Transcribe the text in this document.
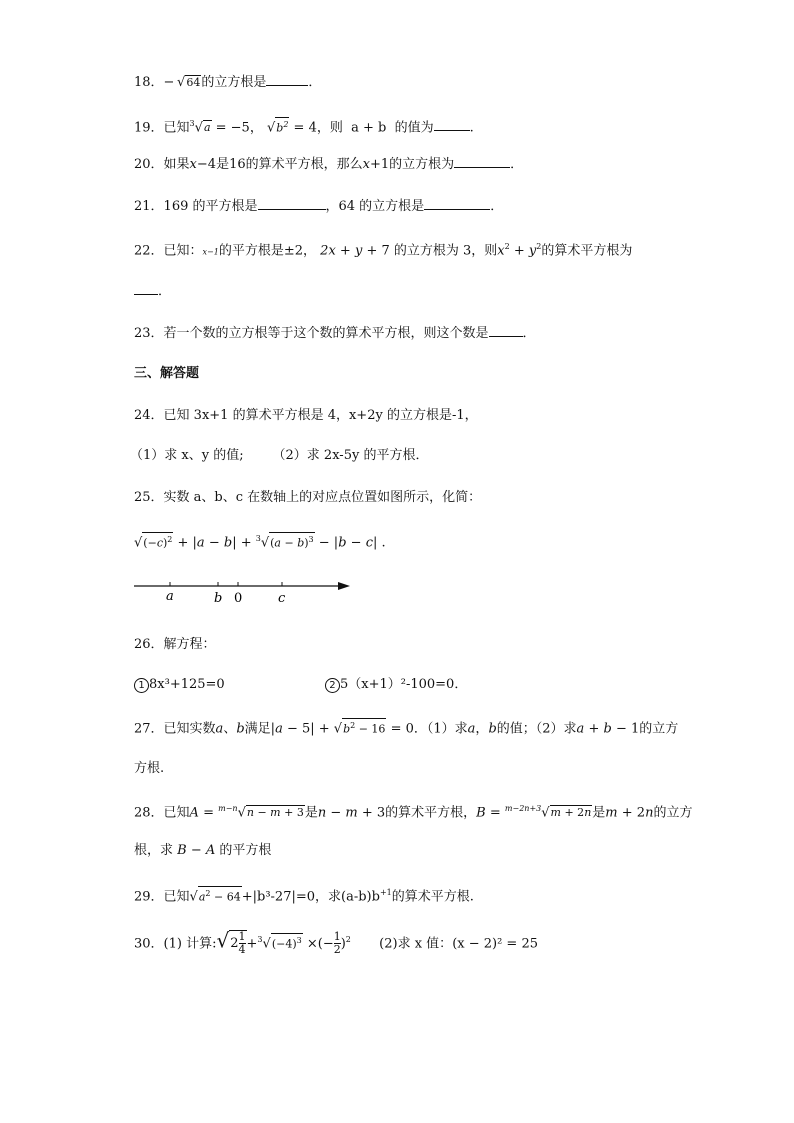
18．− √64的立方根是	．
19．已知$^3$√a = −5， $√b^2 = 4$，则 a + b 的值为	.
20．如果x−4是16的算术平方根，那么x+1的立方根为	．
21．169 的平方根是	，64 的立方根是	．
22．已知：x−1的平方根是±2， 2x + y + 7 的立方根为 3，则$x^2 + y^2$的算术平方根为
．
23．若一个数的立方根等于这个数的算术平方根，则这个数是	．
三、解答题
24．已知 3x+1 的算术平方根是 4，x+2y 的立方根是-1，
（1）求 x、y 的值; （2）求 2x-5y 的平方根．
25．实数 a、b、c 在数轴上的对应点位置如图所示，化简：
$√(-c)^2 + |a - b| + ^3√(a - b)^3 - |b - c|$ .
a	b 0	c
26．解方程：
1 8x³+125=0	2 5（x+1）²-100=0．
27．已知实数a、b满足$|a - 5| + √b^2 - 16 = 0$．（1）求a，b的值；（2）求a + b − 1的立方
方根.
28．已知A = $^{m-n}$√n − m + 3是n − m + 3的算术平方根，B = $^{m-2n+3}$√m + 2n是m + 2n的立方
根，求 B − A 的平方根
29．已知$√a^2 - 64+|b^3-27|=0$，求$(a-b)b^{+1}$的算术平方根.
30．(1) 计算:√2 $\frac{1}{4} +^3√(-4)^3$ ×(− $\frac{1}{2} )^2$ (2)求 x 值：(x − 2)² = 25
